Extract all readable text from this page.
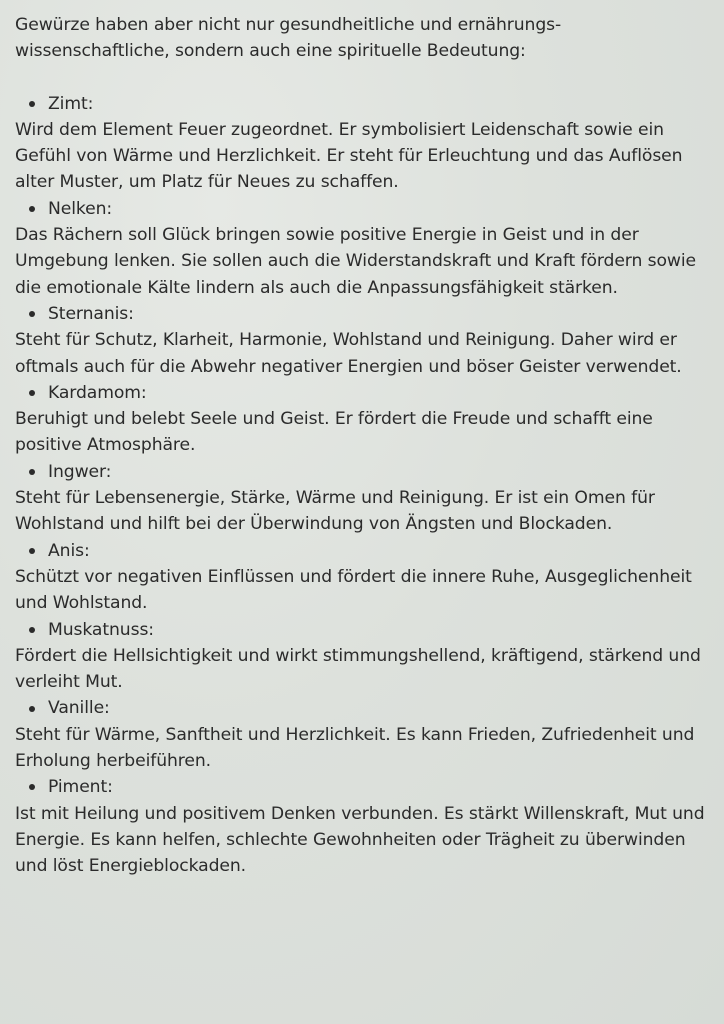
Gewürze haben aber nicht nur gesundheitliche und ernährungs-wissenschaftliche, sondern auch eine spirituelle Bedeutung:

Zimt:

Wird dem Element Feuer zugeordnet. Er symbolisiert Leidenschaft sowie ein Gefühl von Wärme und Herzlichkeit. Er steht für Erleuchtung und das Auflösen alter Muster, um Platz für Neues zu schaffen.

Nelken:

Das Rächern soll Glück bringen sowie positive Energie in Geist und in der Umgebung lenken. Sie sollen auch die Widerstandskraft und Kraft fördern sowie die emotionale Kälte lindern als auch die Anpassungsfähigkeit stärken.

Sternanis:

Steht für Schutz, Klarheit, Harmonie, Wohlstand und Reinigung. Daher wird er oftmals auch für die Abwehr negativer Energien und böser Geister verwendet.

Kardamom:

Beruhigt und belebt Seele und Geist. Er fördert die Freude und schafft eine positive Atmosphäre.

Ingwer:

Steht für Lebensenergie, Stärke, Wärme und Reinigung. Er ist ein Omen für Wohlstand und hilft bei der Überwindung von Ängsten und Blockaden.

Anis:

Schützt vor negativen Einflüssen und fördert die innere Ruhe, Ausgeglichenheit und Wohlstand.

Muskatnuss:

Fördert die Hellsichtigkeit und wirkt stimmungshellend, kräftigend, stärkend und verleiht Mut.

Vanille:

Steht für Wärme, Sanftheit und Herzlichkeit. Es kann Frieden, Zufriedenheit und Erholung herbeiführen.

Piment:

Ist mit Heilung und positivem Denken verbunden. Es stärkt Willenskraft, Mut und Energie. Es kann helfen, schlechte Gewohnheiten oder Trägheit zu überwinden und löst Energieblockaden.
